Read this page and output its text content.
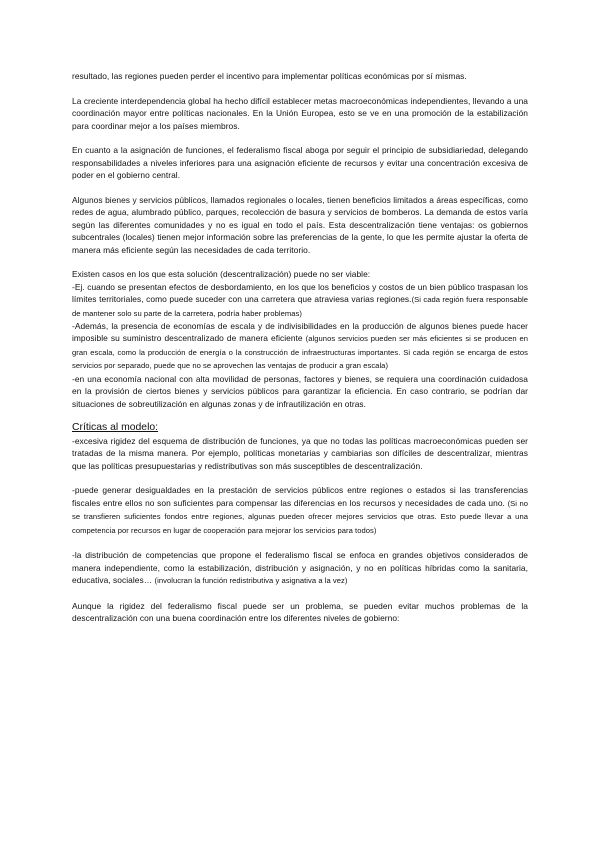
resultado, las regiones pueden perder el incentivo para implementar políticas económicas por sí mismas.

La creciente interdependencia global ha hecho difícil establecer metas macroeconómicas independientes, llevando a una coordinación mayor entre políticas nacionales. En la Unión Europea, esto se ve en una promoción de la estabilización para coordinar mejor a los países miembros.

En cuanto a la asignación de funciones, el federalismo fiscal aboga por seguir el principio de subsidiariedad, delegando responsabilidades a niveles inferiores para una asignación eficiente de recursos y evitar una concentración excesiva de poder en el gobierno central.

Algunos bienes y servicios públicos, llamados regionales o locales, tienen beneficios limitados a áreas específicas, como redes de agua, alumbrado público, parques, recolección de basura y servicios de bomberos. La demanda de estos varía según las diferentes comunidades y no es igual en todo el país. Esta descentralización tiene ventajas: os gobiernos subcentrales (locales) tienen mejor información sobre las preferencias de la gente, lo que les permite ajustar la oferta de manera más eficiente según las necesidades de cada territorio.

Existen casos en los que esta solución (descentralización) puede no ser viable:

-Ej. cuando se presentan efectos de desbordamiento, en los que los beneficios y costos de un bien público traspasan los límites territoriales, como puede suceder con una carretera que atraviesa varias regiones.(Si cada región fuera responsable de mantener solo su parte de la carretera, podría haber problemas)

-Además, la presencia de economías de escala y de indivisibilidades en la producción de algunos bienes puede hacer imposible su suministro descentralizado de manera eficiente (algunos servicios pueden ser más eficientes si se producen en gran escala, como la producción de energía o la construcción de infraestructuras importantes. Si cada región se encarga de estos servicios por separado, puede que no se aprovechen las ventajas de producir a gran escala)

-en una economía nacional con alta movilidad de personas, factores y bienes, se requiera una coordinación cuidadosa en la provisión de ciertos bienes y servicios públicos para garantizar la eficiencia. En caso contrario, se podrían dar situaciones de sobreutilización en algunas zonas y de infrautilización en otras.

Críticas al modelo:

-excesiva rigidez del esquema de distribución de funciones, ya que no todas las políticas macroeconómicas pueden ser tratadas de la misma manera. Por ejemplo, políticas monetarias y cambiarias son difíciles de descentralizar, mientras que las políticas presupuestarias y redistributivas son más susceptibles de descentralización.

-puede generar desigualdades en la prestación de servicios públicos entre regiones o estados si las transferencias fiscales entre ellos no son suficientes para compensar las diferencias en los recursos y necesidades de cada uno. (Si no se transfieren suficientes fondos entre regiones, algunas pueden ofrecer mejores servicios que otras. Esto puede llevar a una competencia por recursos en lugar de cooperación para mejorar los servicios para todos)

-la distribución de competencias que propone el federalismo fiscal se enfoca en grandes objetivos considerados de manera independiente, como la estabilización, distribución y asignación, y no en políticas híbridas como la sanitaria, educativa, sociales… (involucran la función redistributiva y asignativa a la vez)

Aunque la rigidez del federalismo fiscal puede ser un problema, se pueden evitar muchos problemas de la descentralización con una buena coordinación entre los diferentes niveles de gobierno:
